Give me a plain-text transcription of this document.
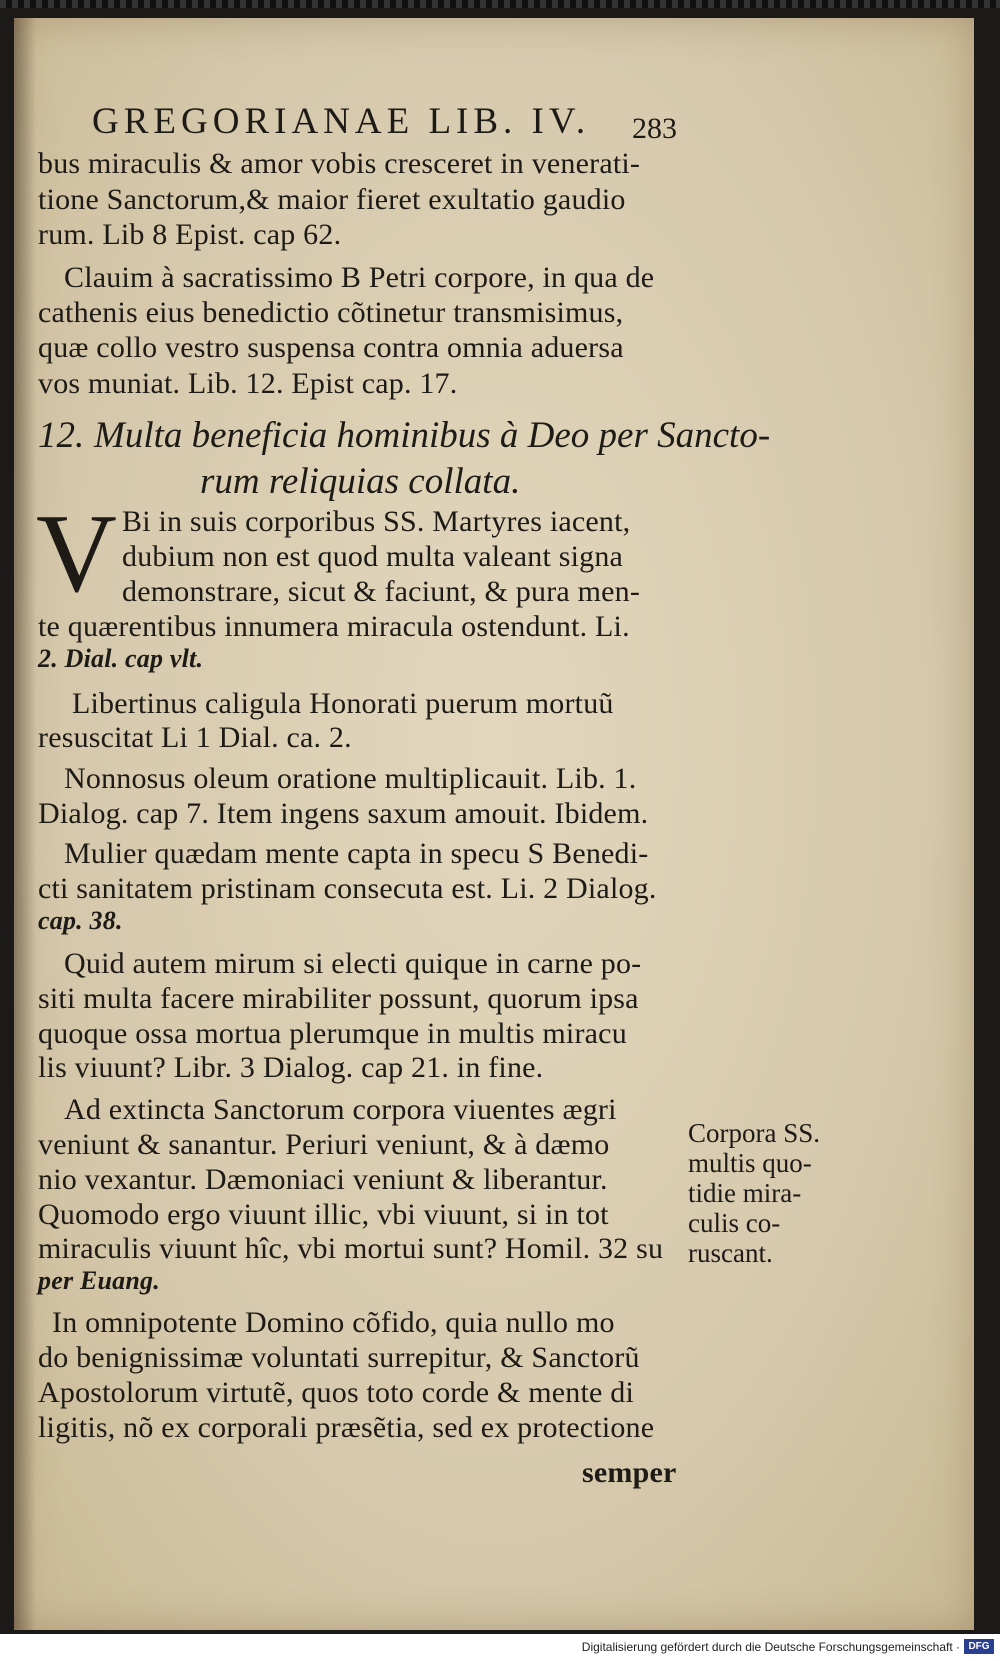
GREGORIANAE LIB. IV.	283
bus miraculis & amor vobis cresceret in venerati-
tione Sanctorum,& maior fieret exultatio gaudio
rum. Lib 8 Epist. cap 62.
Clauim à sacratissimo B Petri corpore, in qua de
cathenis eius benedictio cõtinetur transmisimus,
quæ collo vestro suspensa contra omnia aduersa
vos muniat. Lib. 12. Epist cap. 17.
12. Multa beneficia hominibus à Deo per Sancto-
rum reliquias collata.
V Bi in suis corporibus SS. Martyres iacent,
dubium non est quod multa valeant signa
demonstrare, sicut & faciunt, & pura men-
te quærentibus innumera miracula ostendunt. Li.
2. Dial. cap vlt.
Libertinus caligula Honorati puerum mortuũ
resuscitat Li 1 Dial. ca. 2.
Nonnosus oleum oratione multiplicauit. Lib. 1.
Dialog. cap 7. Item ingens saxum amouit. Ibidem.
Mulier quædam mente capta in specu S Benedi-
cti sanitatem pristinam consecuta est. Li. 2 Dialog.
cap. 38.
Quid autem mirum si electi quique in carne po-
siti multa facere mirabiliter possunt, quorum ipsa
quoque ossa mortua plerumque in multis miracu
lis viuunt? Libr. 3 Dialog. cap 21. in fine.
Ad extincta Sanctorum corpora viuentes ægri
veniunt & sanantur. Periuri veniunt, & à dæmo
nio vexantur. Dæmoniaci veniunt & liberantur.
Quomodo ergo viuunt illic, vbi viuunt, si in tot
miraculis viuunt hîc, vbi mortui sunt? Homil. 32 su
per Euang.
In omnipotente Domino cõfido, quia nullo mo
do benignissimæ voluntati surrepitur, & Sanctorũ
Apostolorum virtutẽ, quos toto corde & mente di
ligitis, nõ ex corporali præsẽtia, sed ex protectione
semper
Corpora SS.
multis quo-
tidie mira-
culis co-
ruscant.
Digitalisierung gefördert durch die Deutsche Forschungsgemeinschaft · DFG
